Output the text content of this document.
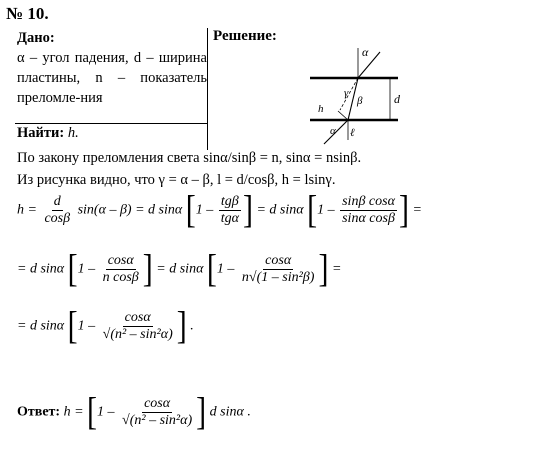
№ 10.
Дано:
α – угол падения, d – ширина пластины, n – показатель преломле-ния
Найти: h.
Решение:
α
γ
β
h
d
ℓ
α
По закону преломления света sinα/sinβ = n, sinα = nsinβ.
Из рисунка видно, что γ = α – β, l = d/cosβ, h = lsinγ.
$h = \frac{d}{\cos\beta} \sin(\alpha - \beta) = d$ sinα [$1 - \frac{\text{tgβ}}{\text{tgα}}$ ] = d sinα [$1 - \frac{\text{sinβ cosα}}{\text{sinα cosβ}}$ ] =
= d sinα [$1 - \frac{\cos\alpha}{\text{n cosβ}}$ ] = d sinα [$1 - \frac{\cos\alpha}{\text{n√(1 – sin²β)}}$ ] =
= d sinα [$1 - \frac{\cos\alpha}{\text{√(n² – sin²α)}}$ ] .
Ответ: $h = [1 - \frac{\cos\alpha}{\text{√(n² – sin²α)}}$ ] d sinα .
